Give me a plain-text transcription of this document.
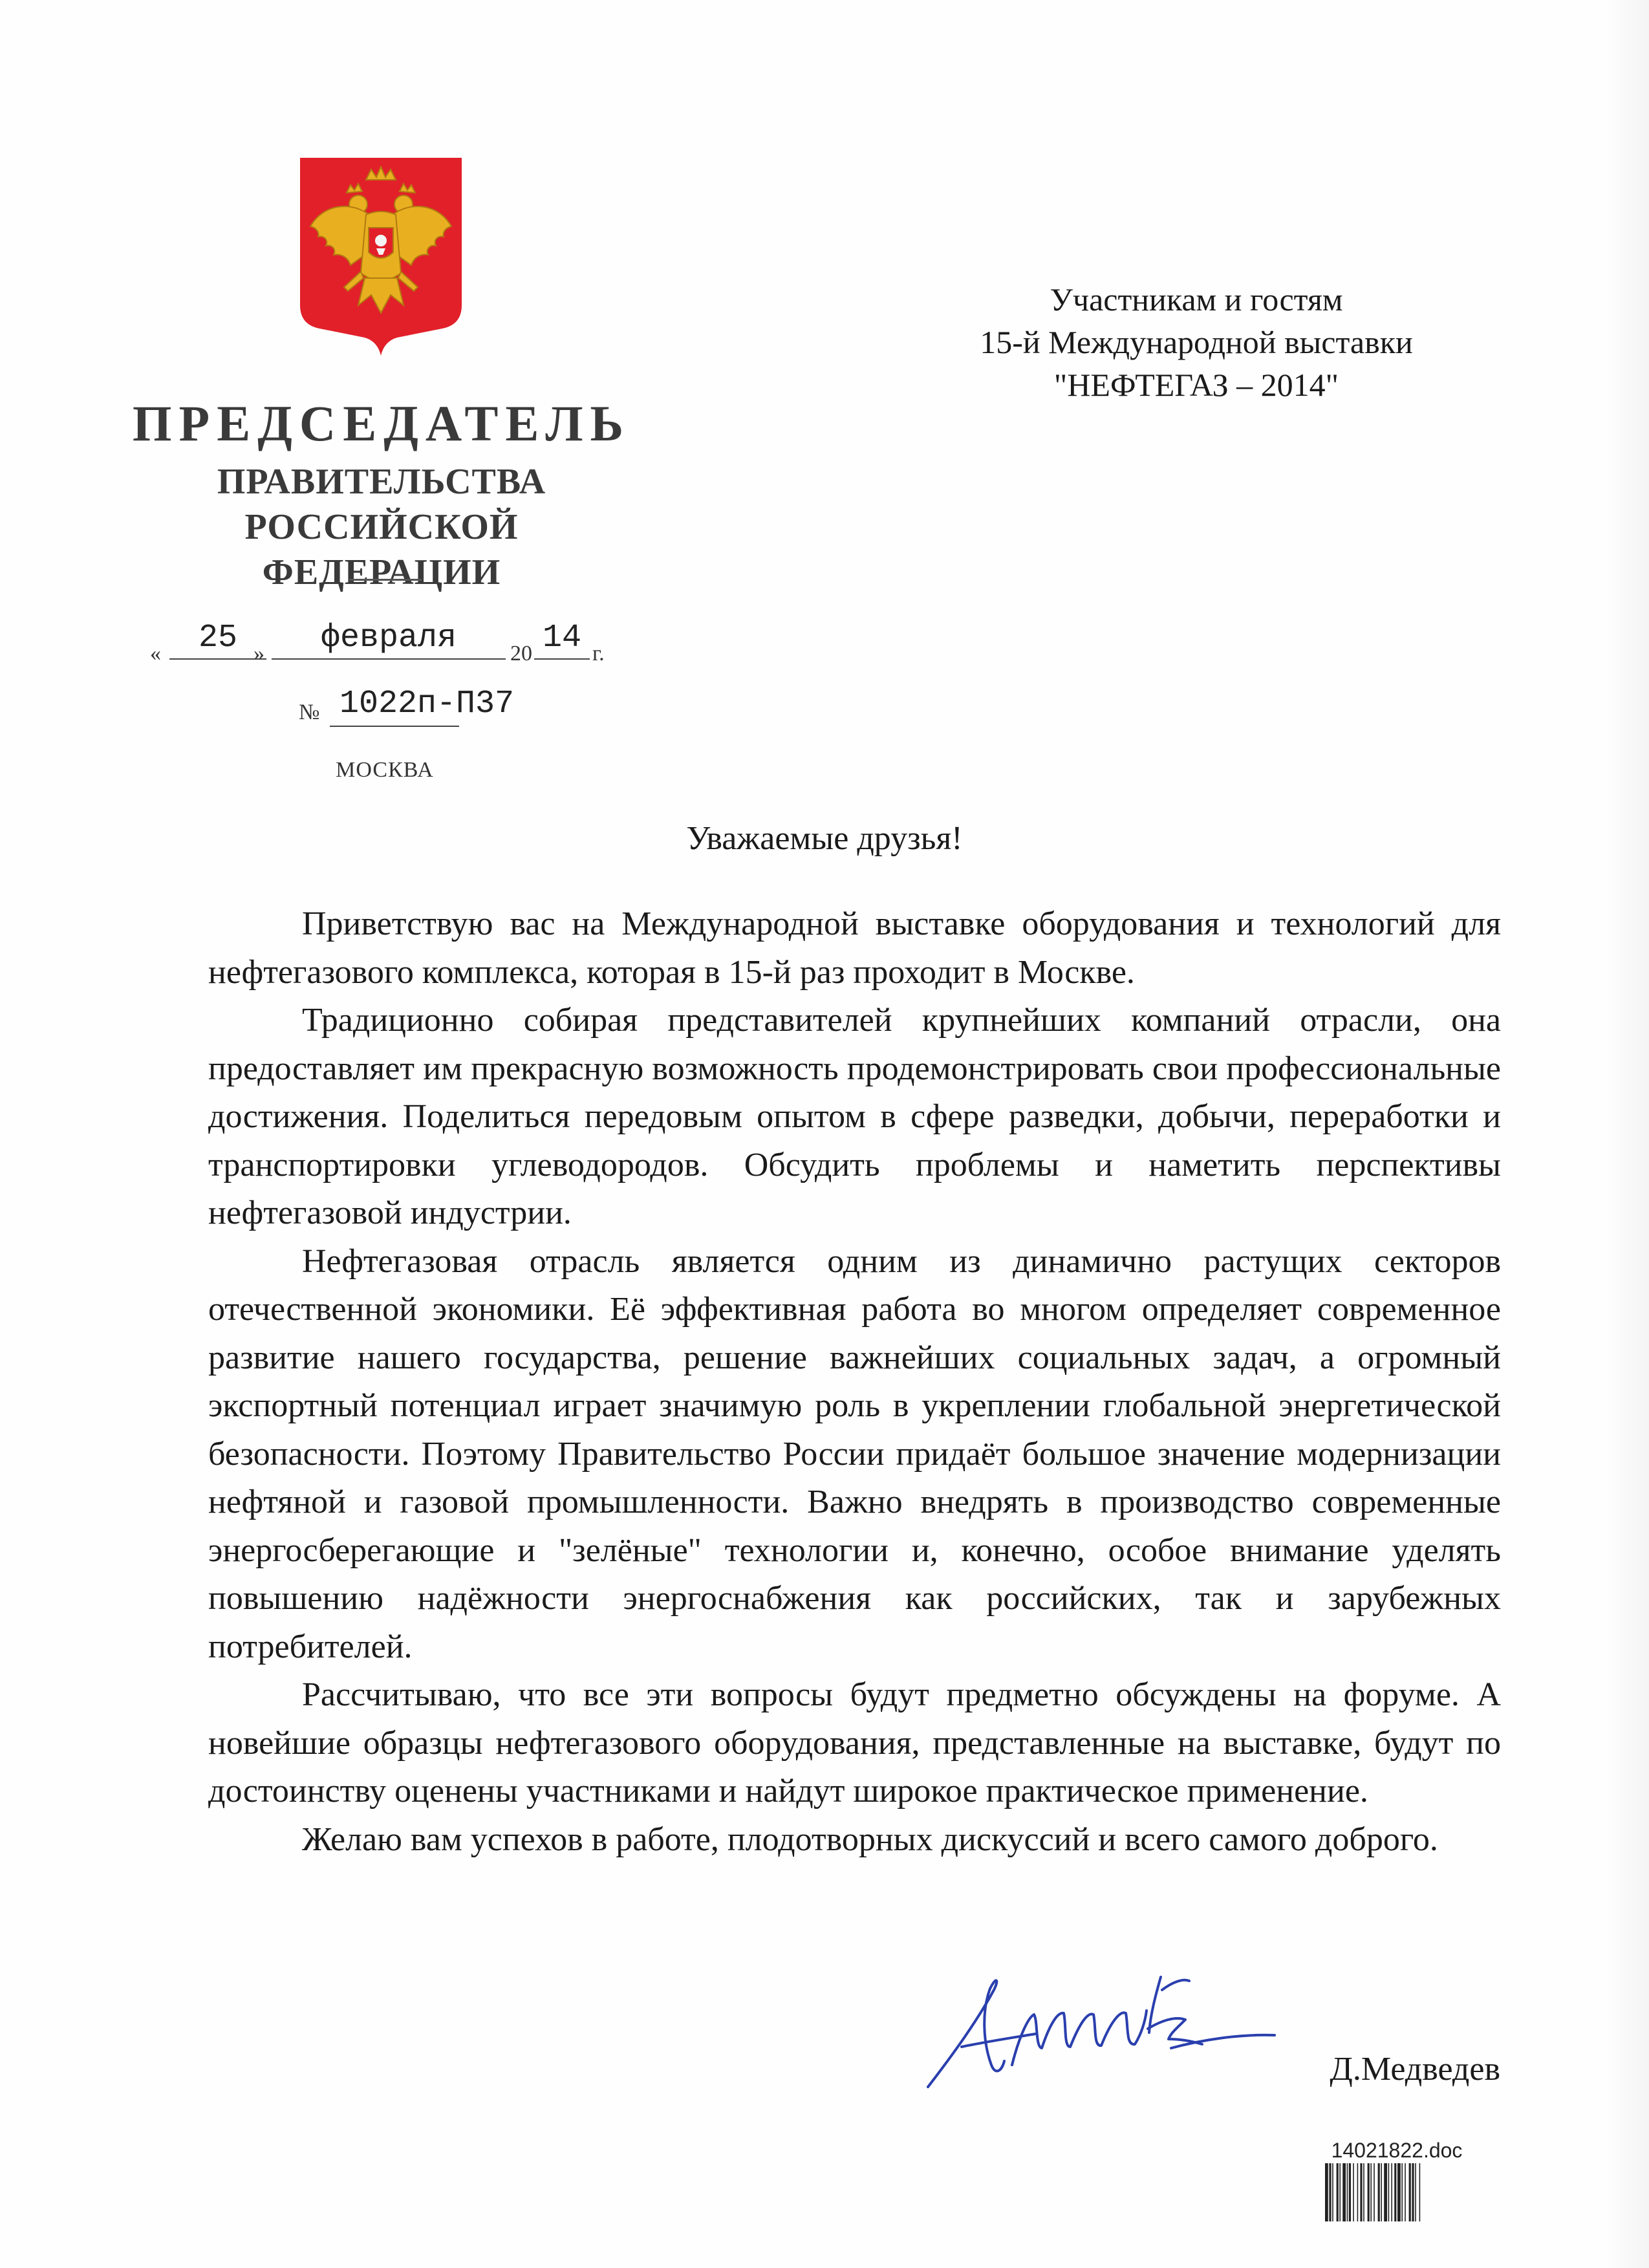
ПРЕДСЕДАТЕЛЬ
ПРАВИТЕЛЬСТВА
РОССИЙСКОЙ ФЕДЕРАЦИИ
«	25 »	февраля	20 14 г.
№ 1022п-П37
МОСКВА
Участникам и гостям
15-й Международной выставки
"НЕФТЕГАЗ – 2014"
Уважаемые друзья!

Приветствую вас на Международной выставке оборудования и технологий для нефтегазового комплекса, которая в 15-й раз проходит в Москве.

Традиционно собирая представителей крупнейших компаний отрасли, она предоставляет им прекрасную возможность продемонстрировать свои профессиональные достижения. Поделиться передовым опытом в сфере разведки, добычи, переработки и транспортировки углеводородов. Обсудить проблемы и наметить перспективы нефтегазовой индустрии.

Нефтегазовая отрасль является одним из динамично растущих секторов отечественной экономики. Её эффективная работа во многом определяет современное развитие нашего государства, решение важнейших социальных задач, а огромный экспортный потенциал играет значимую роль в укреплении глобальной энергетической безопасности. Поэтому Правительство России придаёт большое значение модернизации нефтяной и газовой промышленности. Важно внедрять в производство современные энергосберегающие и "зелёные" технологии и, конечно, особое внимание уделять повышению надёжности энергоснабжения как российских, так и зарубежных потребителей.

Рассчитываю, что все эти вопросы будут предметно обсуждены на форуме. А новейшие образцы нефтегазового оборудования, представленные на выставке, будут по достоинству оценены участниками и найдут широкое практическое применение.

Желаю вам успехов в работе, плодотворных дискуссий и всего самого доброго.

Д.Медведев
14021822.doc
